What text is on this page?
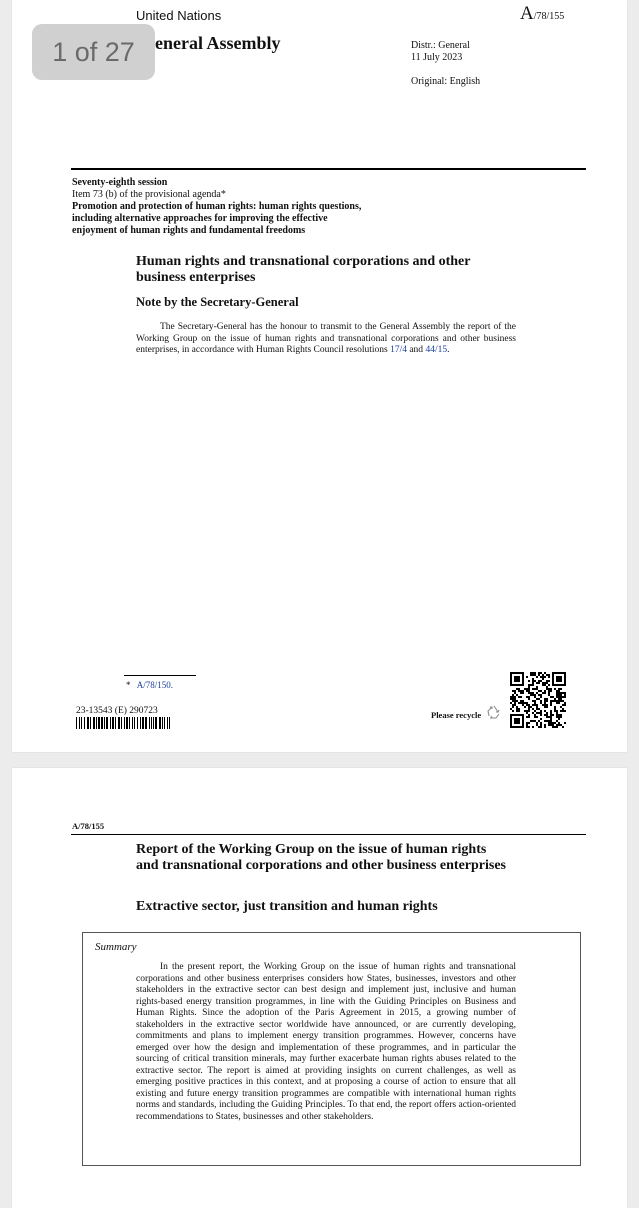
1 of 27
United Nations	A/78/155
eneral Assembly	Distr.: General
11 July 2023
Original: English
Seventy-eighth session
Item 73 (b) of the provisional agenda*
Promotion and protection of human rights: human rights questions, including alternative approaches for improving the effective enjoyment of human rights and fundamental freedoms
Human rights and transnational corporations and other business enterprises
Note by the Secretary-General
The Secretary-General has the honour to transmit to the General Assembly the report of the Working Group on the issue of human rights and transnational corporations and other business enterprises, in accordance with Human Rights Council resolutions 17/4 and 44/15.
* A/78/150.
23-13543 (E) 290723	Please recycle
A/78/155
Report of the Working Group on the issue of human rights and transnational corporations and other business enterprises
Extractive sector, just transition and human rights
Summary
In the present report, the Working Group on the issue of human rights and transnational corporations and other business enterprises considers how States, businesses, investors and other stakeholders in the extractive sector can best design and implement just, inclusive and human rights-based energy transition programmes, in line with the Guiding Principles on Business and Human Rights. Since the adoption of the Paris Agreement in 2015, a growing number of stakeholders in the extractive sector worldwide have announced, or are currently developing, commitments and plans to implement energy transition programmes. However, concerns have emerged over how the design and implementation of these programmes, and in particular the sourcing of critical transition minerals, may further exacerbate human rights abuses related to the extractive sector. The report is aimed at providing insights on current challenges, as well as emerging positive practices in this context, and at proposing a course of action to ensure that all existing and future energy transition programmes are compatible with international human rights norms and standards, including the Guiding Principles. To that end, the report offers action-oriented recommendations to States, businesses and other stakeholders.
